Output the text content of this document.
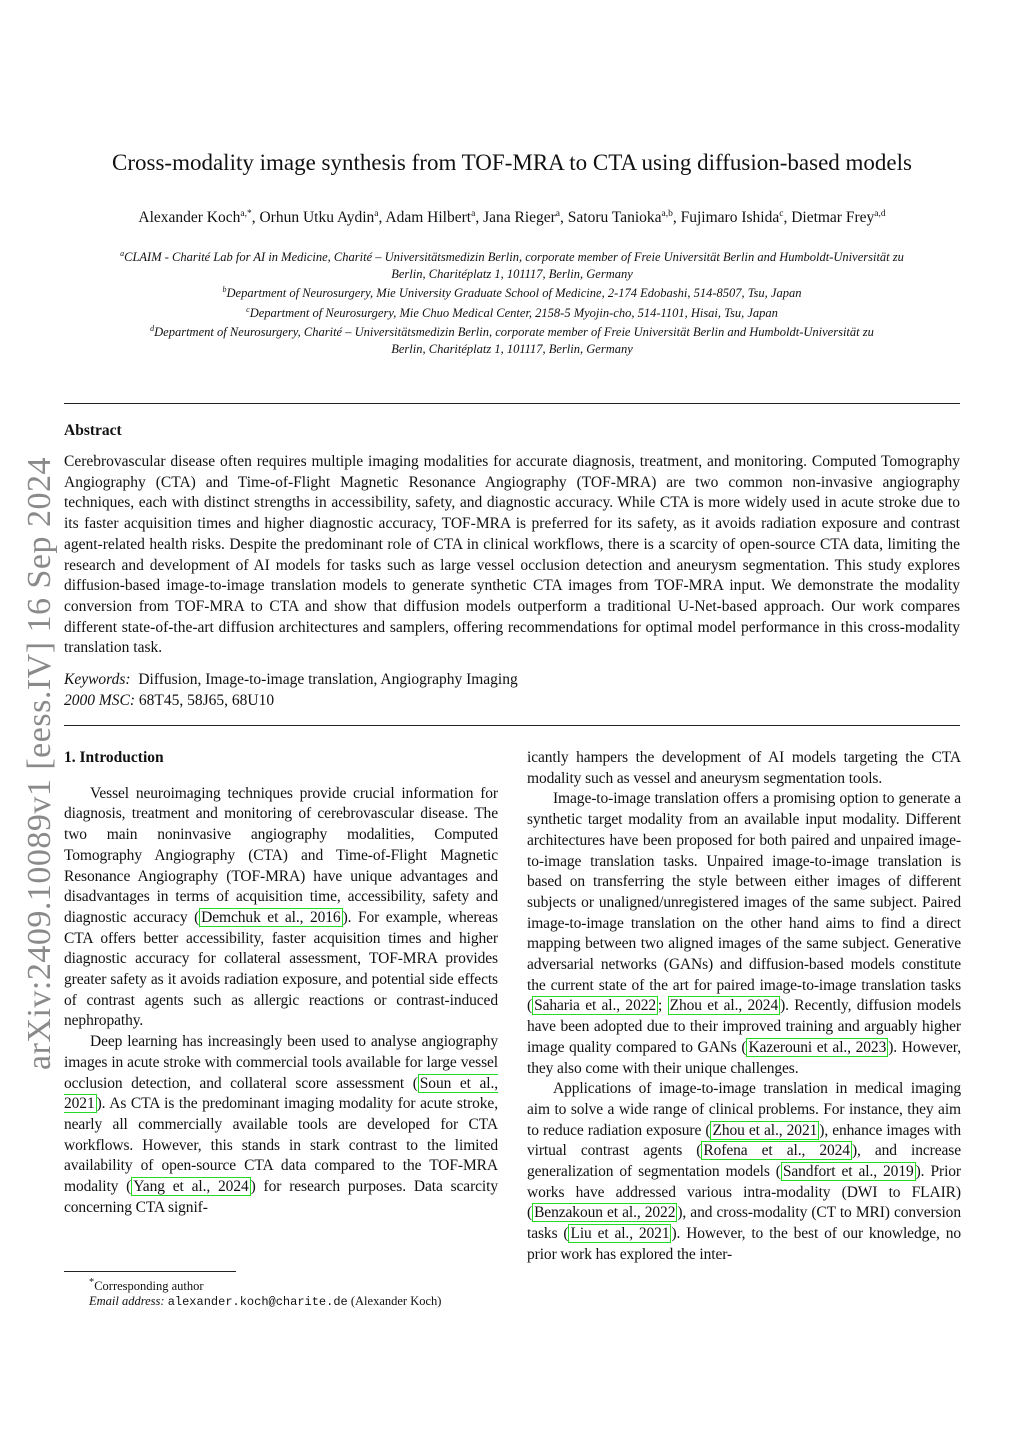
arXiv:2409.10089v1 [eess.IV] 16 Sep 2024
Cross-modality image synthesis from TOF-MRA to CTA using diffusion-based models
Alexander Koch$^{a,*}$, Orhun Utku Aydin$^a$, Adam Hilbert$^a$, Jana Rieger$^a$, Satoru Tanioka$^{a,b}$, Fujimaro Ishida$^c$, Dietmar Frey$^{a,d}$

$^a$CLAIM - Charité Lab for AI in Medicine, Charité – Universitätsmedizin Berlin, corporate member of Freie Universität Berlin and Humboldt-Universität zu

Berlin, Charitéplatz 1, 101117, Berlin, Germany

$^b$Department of Neurosurgery, Mie University Graduate School of Medicine, 2-174 Edobashi, 514-8507, Tsu, Japan

$^c$Department of Neurosurgery, Mie Chuo Medical Center, 2158-5 Myojin-cho, 514-1101, Hisai, Tsu, Japan

$^d$Department of Neurosurgery, Charité – Universitätsmedizin Berlin, corporate member of Freie Universität Berlin and Humboldt-Universität zu

Berlin, Charitéplatz 1, 101117, Berlin, Germany

Abstract

Cerebrovascular disease often requires multiple imaging modalities for accurate diagnosis, treatment, and monitoring. Computed Tomography Angiography (CTA) and Time-of-Flight Magnetic Resonance Angiography (TOF-MRA) are two common non-invasive angiography techniques, each with distinct strengths in accessibility, safety, and diagnostic accuracy. While CTA is more widely used in acute stroke due to its faster acquisition times and higher diagnostic accuracy, TOF-MRA is preferred for its safety, as it avoids radiation exposure and contrast agent-related health risks. Despite the predominant role of CTA in clinical workflows, there is a scarcity of open-source CTA data, limiting the research and development of AI models for tasks such as large vessel occlusion detection and aneurysm segmentation. This study explores diffusion-based image-to-image translation models to generate synthetic CTA images from TOF-MRA input. We demonstrate the modality conversion from TOF-MRA to CTA and show that diffusion models outperform a traditional U-Net-based approach. Our work compares different state-of-the-art diffusion architectures and samplers, offering recommendations for optimal model performance in this cross-modality translation task.

Keywords: Diffusion, Image-to-image translation, Angiography Imaging
2000 MSC: 68T45, 58J65, 68U10

1. Introduction

Vessel neuroimaging techniques provide crucial information for diagnosis, treatment and monitoring of cerebrovascular disease. The two main noninvasive angiography modalities, Computed Tomography Angiography (CTA) and Time-of-Flight Magnetic Resonance Angiography (TOF-MRA) have unique advantages and disadvantages in terms of acquisition time, accessibility, safety and diagnostic accuracy ( Demchuk et al., 2016 ). For example, whereas CTA offers better accessibility, faster acquisition times and higher diagnostic accuracy for collateral assessment, TOF-MRA provides greater safety as it avoids radiation exposure, and potential side effects of contrast agents such as allergic reactions or contrast-induced nephropathy.

Deep learning has increasingly been used to analyse angiography images in acute stroke with commercial tools available for large vessel occlusion detection, and collateral score assessment ( Soun et al., 2021 ). As CTA is the predominant imaging modality for acute stroke, nearly all commercially available tools are developed for CTA workflows. However, this stands in stark contrast to the limited availability of open-source CTA data compared to the TOF-MRA modality ( Yang et al., 2024 ) for research purposes. Data scarcity concerning CTA signif-

icantly hampers the development of AI models targeting the CTA modality such as vessel and aneurysm segmentation tools.

Image-to-image translation offers a promising option to generate a synthetic target modality from an available input modality. Different architectures have been proposed for both paired and unpaired image-to-image translation tasks. Unpaired image-to-image translation is based on transferring the style between either images of different subjects or unaligned/unregistered images of the same subject. Paired image-to-image translation on the other hand aims to find a direct mapping between two aligned images of the same subject. Generative adversarial networks (GANs) and diffusion-based models constitute the current state of the art for paired image-to-image translation tasks ( Saharia et al., 2022 ; Zhou et al., 2024 ). Recently, diffusion models have been adopted due to their improved training and arguably higher image quality compared to GANs ( Kazerouni et al., 2023 ). However, they also come with their unique challenges.

Applications of image-to-image translation in medical imaging aim to solve a wide range of clinical problems. For instance, they aim to reduce radiation exposure ( Zhou et al., 2021 ), enhance images with virtual contrast agents ( Rofena et al., 2024 ), and increase generalization of segmentation models ( Sandfort et al., 2019 ). Prior works have addressed various intra-modality (DWI to FLAIR) ( Benzakoun et al., 2022 ), and cross-modality (CT to MRI) conversion tasks ( Liu et al., 2021 ). However, to the best of our knowledge, no prior work has explored the inter-

*Corresponding author
Email address: alexander.koch@charite.de (Alexander Koch)
